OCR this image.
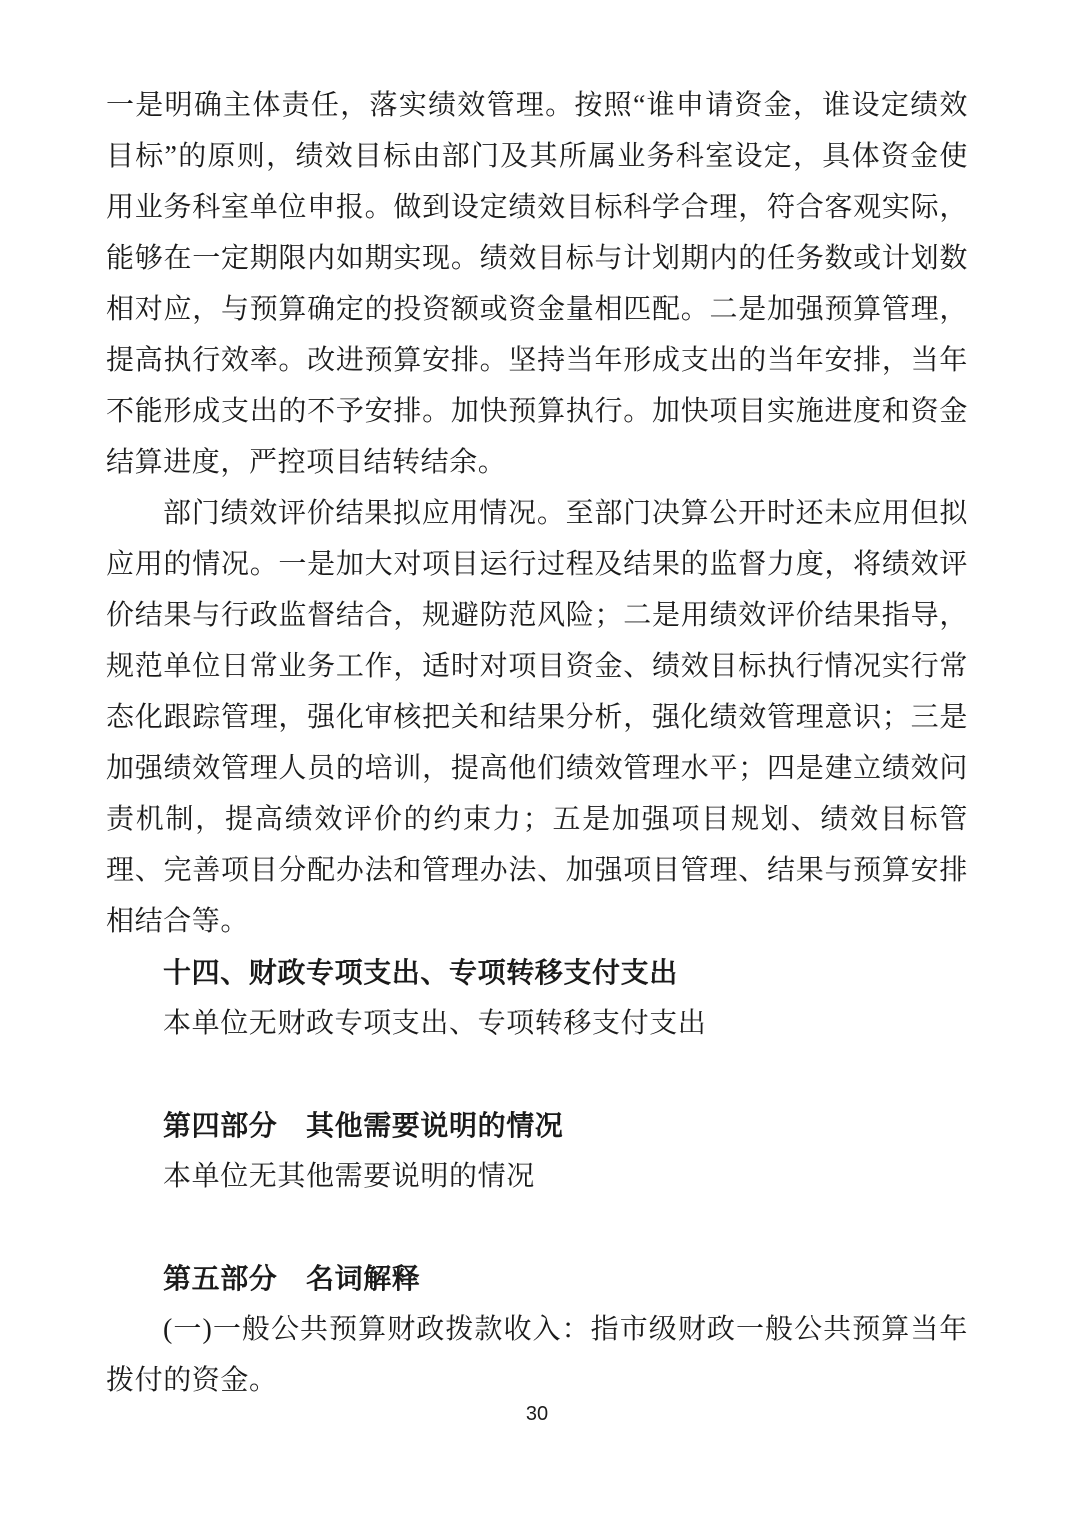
一是明确主体责任，落实绩效管理。按照“谁申请资金，谁设定绩效目标”的原则，绩效目标由部门及其所属业务科室设定，具体资金使用业务科室单位申报。做到设定绩效目标科学合理，符合客观实际，能够在一定期限内如期实现。绩效目标与计划期内的任务数或计划数相对应，与预算确定的投资额或资金量相匹配。二是加强预算管理，提高执行效率。改进预算安排。坚持当年形成支出的当年安排，当年不能形成支出的不予安排。加快预算执行。加快项目实施进度和资金结算进度，严控项目结转结余。
部门绩效评价结果拟应用情况。至部门决算公开时还未应用但拟应用的情况。一是加大对项目运行过程及结果的监督力度，将绩效评价结果与行政监督结合，规避防范风险；二是用绩效评价结果指导，规范单位日常业务工作，适时对项目资金、绩效目标执行情况实行常态化跟踪管理，强化审核把关和结果分析，强化绩效管理意识；三是加强绩效管理人员的培训，提高他们绩效管理水平；四是建立绩效问责机制，提高绩效评价的约束力；五是加强项目规划、绩效目标管理、完善项目分配办法和管理办法、加强项目管理、结果与预算安排相结合等。
十四、财政专项支出、专项转移支付支出
本单位无财政专项支出、专项转移支付支出
第四部分　其他需要说明的情况
本单位无其他需要说明的情况
第五部分　名词解释
(一)一般公共预算财政拨款收入：指市级财政一般公共预算当年拨付的资金。
30
